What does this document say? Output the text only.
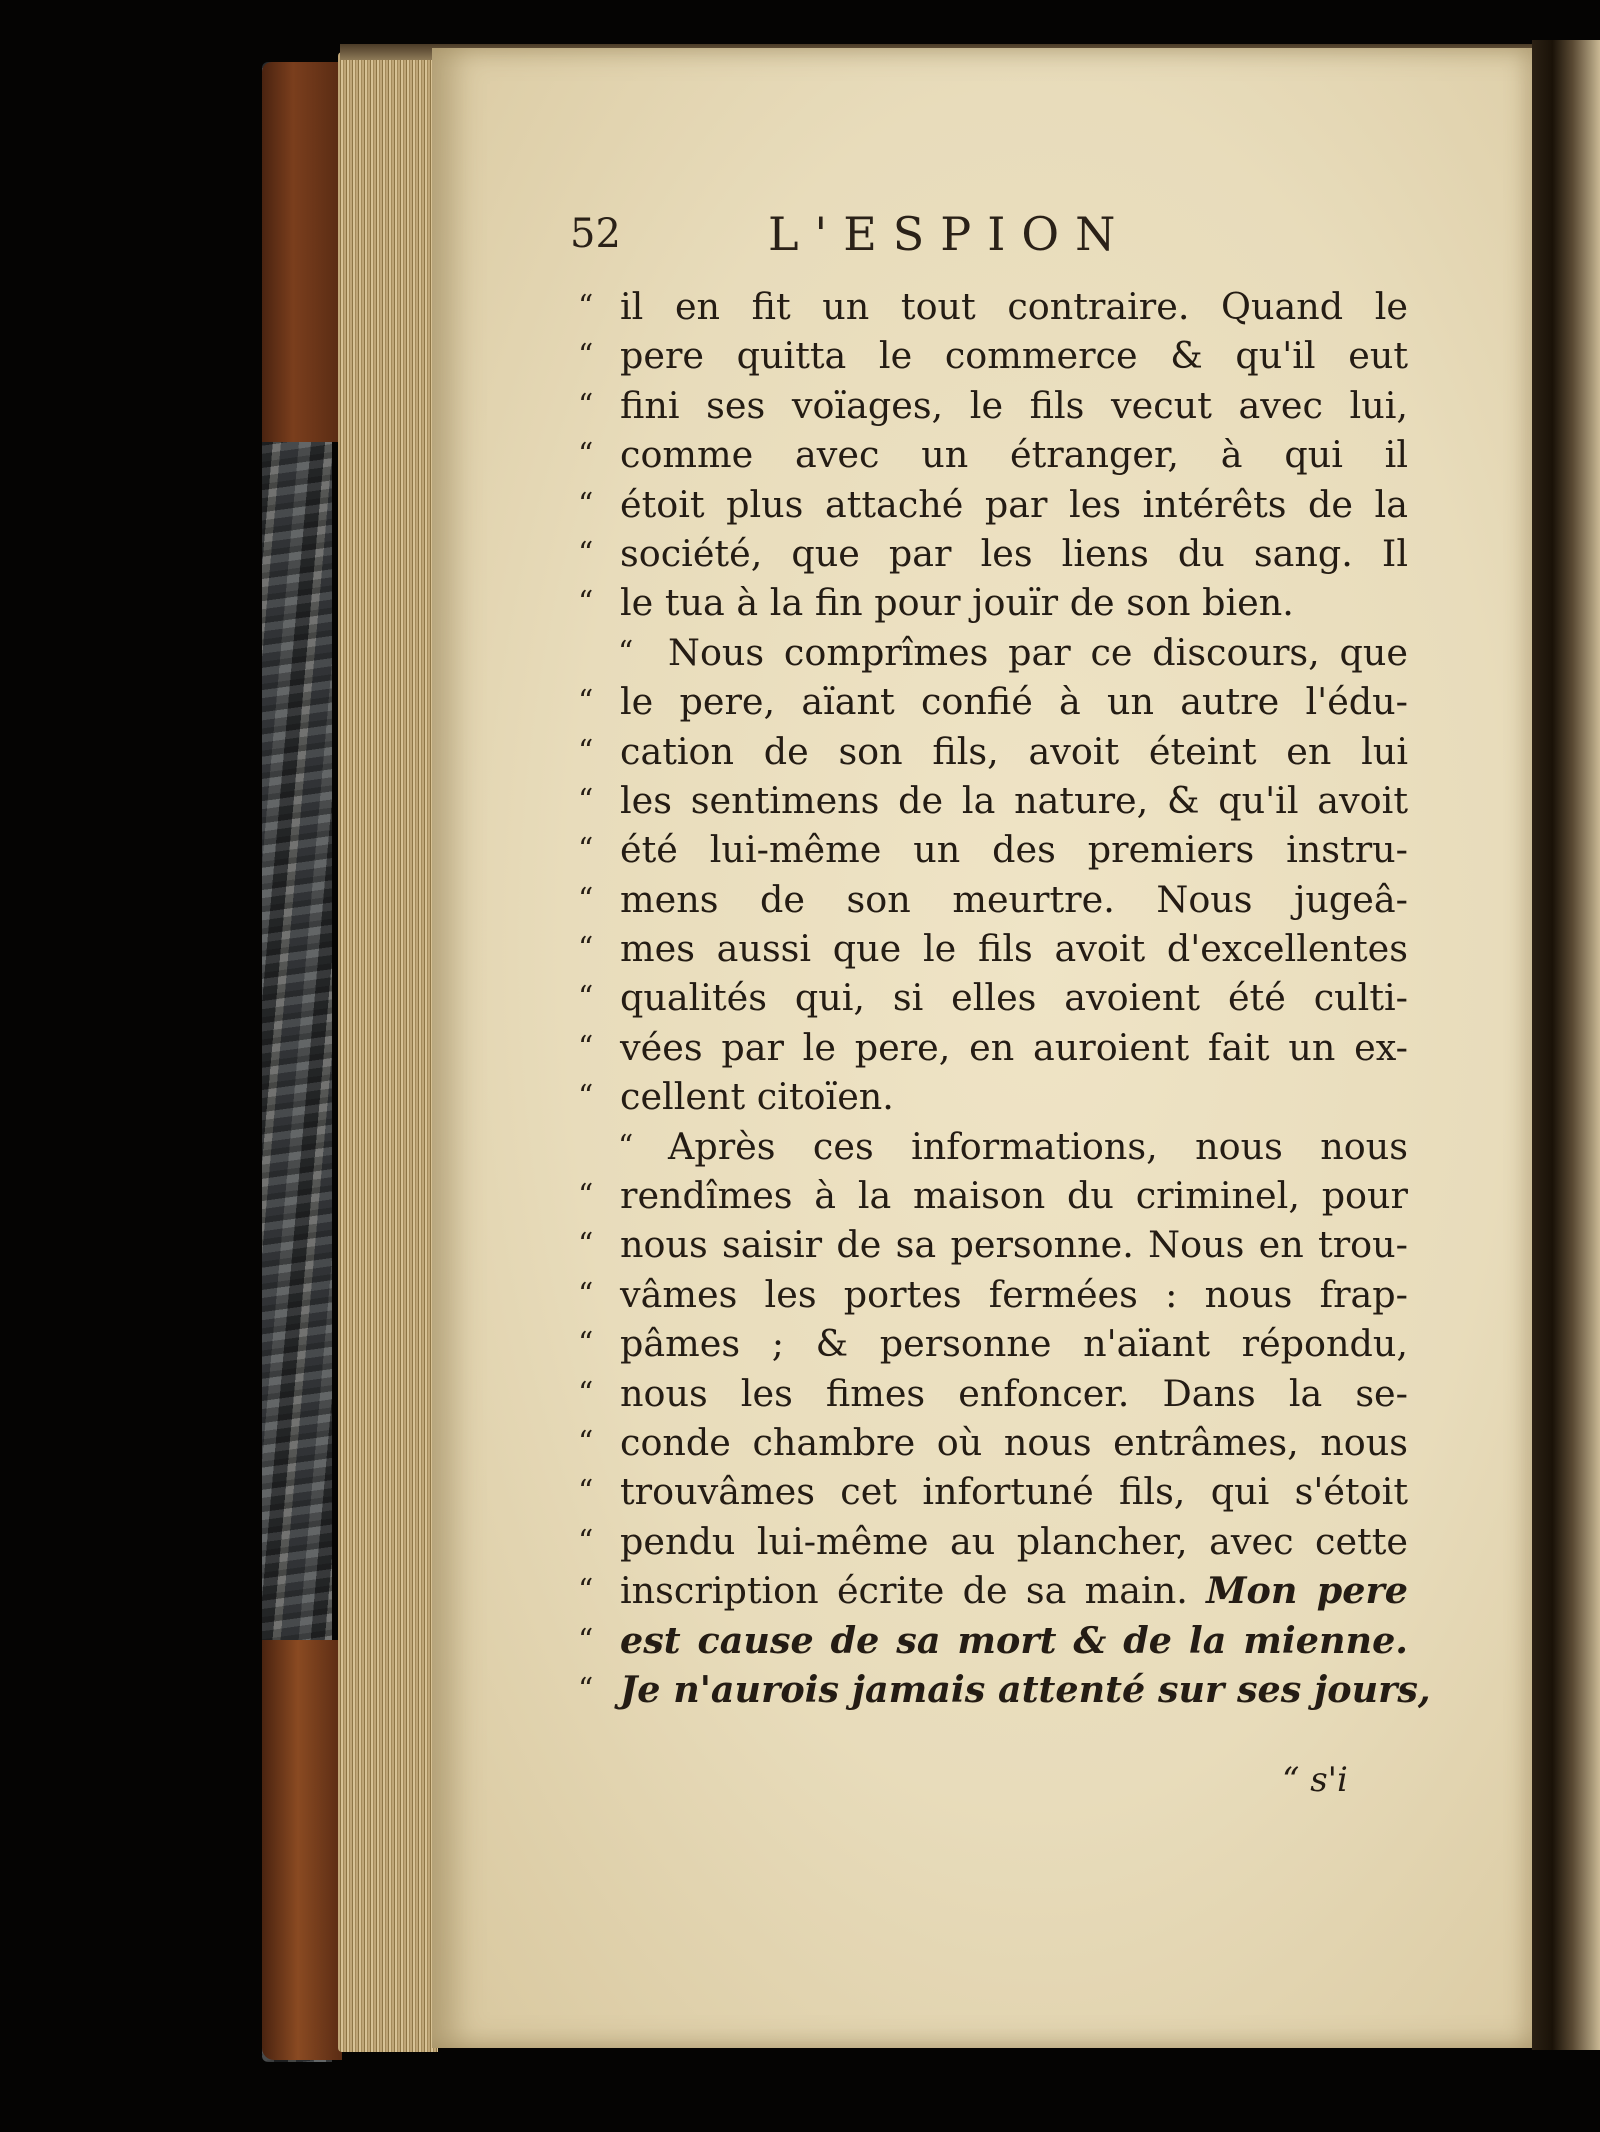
52	L'ESPION
“ il en fit un tout contraire. Quand le
“ pere quitta le commerce & qu'il eut
“ fini ses voïages, le fils vecut avec lui,
“ comme avec un étranger, à qui il
“ étoit plus attaché par les intérêts de la
“ société, que par les liens du sang. Il
“ le tua à la fin pour jouïr de son bien.
“ Nous comprîmes par ce discours, que
“ le pere, aïant confié à un autre l'édu-
“ cation de son fils, avoit éteint en lui
“ les sentimens de la nature, & qu'il avoit
“ été lui-même un des premiers instru-
“ mens de son meurtre. Nous jugeâ-
“ mes aussi que le fils avoit d'excellentes
“ qualités qui, si elles avoient été culti-
“ vées par le pere, en auroient fait un ex-
“ cellent citoïen.
“ Après ces informations, nous nous
“ rendîmes à la maison du criminel, pour
“ nous saisir de sa personne. Nous en trou-
“ vâmes les portes fermées : nous frap-
“ pâmes ; & personne n'aïant répondu,
“ nous les fimes enfoncer. Dans la se-
“ conde chambre où nous entrâmes, nous
“ trouvâmes cet infortuné fils, qui s'étoit
“ pendu lui-même au plancher, avec cette
“ inscription écrite de sa main. Mon pere
“ est cause de sa mort & de la mienne.
“ Je n'aurois jamais attenté sur ses jours,
“ s'i
